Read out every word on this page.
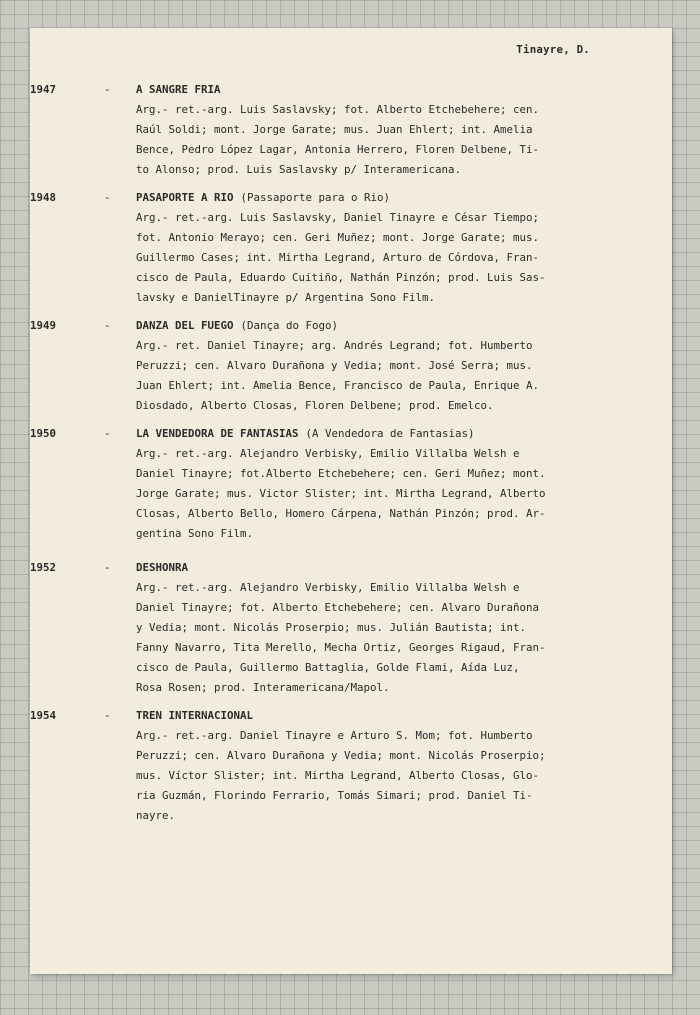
Tinayre, D.
1947	- A SANGRE FRIA
Arg.- ret.-arg. Luis Saslavsky; fot. Alberto Etchebehere; cen.
Raúl Soldi; mont. Jorge Garate; mus. Juan Ehlert; int. Amelia
Bence, Pedro López Lagar, Antonia Herrero, Floren Delbene, Ti-
to Alonso; prod. Luis Saslavsky p/ Interamericana.
1948	- PASAPORTE A RIO (Passaporte para o Rio)
Arg.- ret.-arg. Luis Saslavsky, Daniel Tinayre e César Tiempo;
fot. Antonio Merayo; cen. Geri Muñez; mont. Jorge Garate; mus.
Guillermo Cases; int. Mirtha Legrand, Arturo de Córdova, Fran-
cisco de Paula, Eduardo Cuitiño, Nathán Pinzón; prod. Luis Sas-
lavsky e DanielTinayre p/ Argentina Sono Film.
1949	- DANZA DEL FUEGO (Dança do Fogo)
Arg.- ret. Daniel Tinayre; arg. Andrés Legrand; fot. Humberto
Peruzzi; cen. Alvaro Durañona y Vedia; mont. José Serra; mus.
Juan Ehlert; int. Amelia Bence, Francisco de Paula, Enrique A.
Diosdado, Alberto Closas, Floren Delbene; prod. Emelco.
1950	- LA VENDEDORA DE FANTASIAS (A Vendedora de Fantasias)
Arg.- ret.-arg. Alejandro Verbisky, Emilio Villalba Welsh e
Daniel Tinayre; fot.Alberto Etchebehere; cen. Geri Muñez; mont.
Jorge Garate; mus. Victor Slister; int. Mirtha Legrand, Alberto
Closas, Alberto Bello, Homero Cárpena, Nathán Pinzón; prod. Ar-
gentina Sono Film.
1952	- DESHONRA
Arg.- ret.-arg. Alejandro Verbisky, Emilio Villalba Welsh e
Daniel Tinayre; fot. Alberto Etchebehere; cen. Alvaro Durañona
y Vedia; mont. Nicolás Proserpio; mus. Julián Bautista; int.
Fanny Navarro, Tita Merello, Mecha Ortiz, Georges Rigaud, Fran-
cisco de Paula, Guillermo Battaglia, Golde Flami, Aída Luz,
Rosa Rosen; prod. Interamericana/Mapol.
1954	- TREN INTERNACIONAL
Arg.- ret.-arg. Daniel Tinayre e Arturo S. Mom; fot. Humberto
Peruzzi; cen. Alvaro Durañona y Vedia; mont. Nicolás Proserpio;
mus. Víctor Slister; int. Mirtha Legrand, Alberto Closas, Glo-
ria Guzmán, Florindo Ferrario, Tomás Simari; prod. Daniel Ti-
nayre.
